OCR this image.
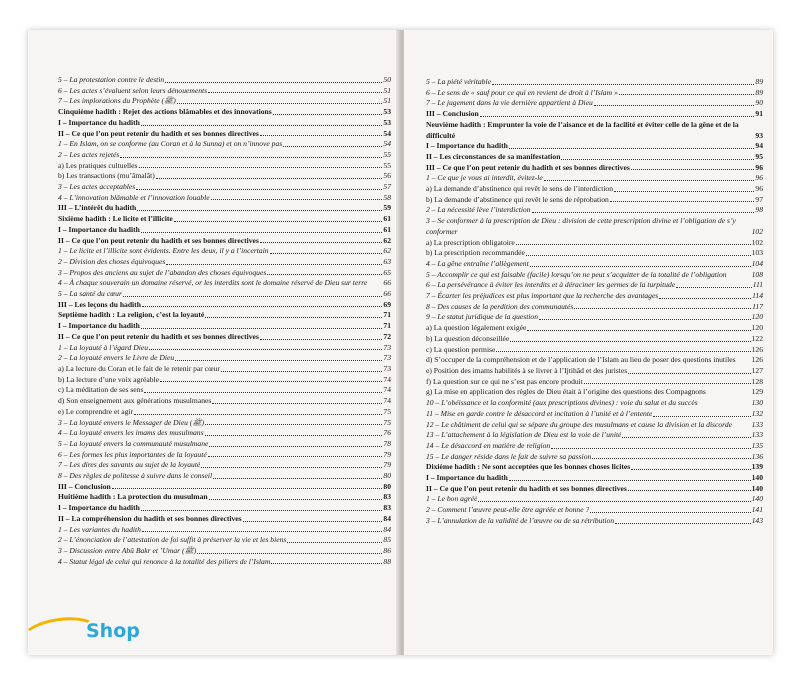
5 – La protestation contre le destin	50
6 – Les actes s’évaluent selon leurs dénouements	51
7 – Les implorations du Prophète (ﷺ)	51
Cinquième hadith : Rejet des actions blâmables et des innovations	53
I – Importance du hadith	53
II – Ce que l’on peut retenir du hadith et ses bonnes directives	54
1 – En Islam, on se conforme (au Coran et à la Sunna) et on n’innove pas	54
2 – Les actes rejetés	55
a) Les pratiques cultuelles	55
b) Les transactions (mu’âmalât)	56
3 – Les actes acceptables	57
4 – L’innovation blâmable et l’innovation louable	58
III – L’intérêt du hadith	59
Sixième hadith : Le licite et l’illicite	61
I – Importance du hadith	61
II – Ce que l’on peut retenir du hadith et ses bonnes directives	62
1 – Le licite et l’illicite sont évidents. Entre les deux, il y a l’incertain	62
2 – Division des choses équivoques	63
3 – Propos des anciens au sujet de l’abandon des choses équivoques	65
4 – À chaque souverain un domaine réservé, or les interdits sont le domaine réservé de Dieu sur terre 66
5 – La santé du cœur	66
III – Les leçons du hadith	69
Septième hadith : La religion, c’est la loyauté	71
I – Importance du hadith	71
II – Ce que l’on peut retenir du hadith et ses bonnes directives	72
1 – La loyauté à l’égard Dieu	73
2 – La loyauté envers le Livre de Dieu	73
a) La lecture du Coran et le fait de le retenir par cœur	73
b) La lecture d’une voix agréable	74
c) La méditation de ses sens	74
d) Son enseignement aux générations musulmanes	74
e) Le comprendre et agir	75
3 – La loyauté envers le Messager de Dieu (ﷺ)	75
4 – La loyauté envers les imams des musulmans	76
5 – La loyauté envers la communauté musulmane	78
6 – Les formes les plus importantes de la loyauté	79
7 – Les dires des savants au sujet de la loyauté	79
8 – Des règles de politesse à suivre dans le conseil	80
III – Conclusion	80
Huitième hadith : La protection du musulman	83
I – Importance du hadith	83
II – La compréhension du hadith et ses bonnes directives	84
1 – Les variantes du hadith	84
2 – L’énonciation de l’attestation de foi suffit à préserver la vie et les biens	85
3 – Discussion entre Abû Bakr et ’Umar (ﷺ)	86
4 – Statut légal de celui qui renonce à la totalité des piliers de l’Islam	88
5 – La piété véritable	89
6 – Le sens de « sauf pour ce qui en revient de droit à l’Islam »	89
7 – Le jugement dans la vie dernière appartient à Dieu	90
III – Conclusion	91
Neuvième hadith : Emprunter la voie de l’aisance et de la facilité et éviter celle de la gêne et de la difficulté	93
I – Importance du hadith	94
II – Les circonstances de sa manifestation	95
III – Ce que l’on peut retenir du hadith et ses bonnes directives	96
1 – Ce que je vous ai interdit, évitez-le	96
a) La demande d’abstinence qui revêt le sens de l’interdiction	96
b) La demande d’abstinence qui revêt le sens de réprobation	97
2 – La nécessité lève l’interdiction	98
3 – Se conformer à la prescription de Dieu : division de cette prescription divine et l’obligation de s’y conformer	102
a) La prescription obligatoire	102
b) La prescription recommandée	103
4 – La gêne entraîne l’allègement	104
5 – Accomplir ce qui est faisable (facile) lorsqu’on ne peut s’acquitter de la totalité de l’obligation	108
6 – La persévérance à éviter les interdits et à déraciner les germes de la turpitude	111
7 – Écarter les préjudices est plus important que la recherche des avantages	114
8 – Des causes de la perdition des communautés	117
9 – Le statut juridique de la question	120
a) La question légalement exigée	120
b) La question déconseillée	122
c) La question permise	126
d) S’occuper de la compréhension et de l’application de l’Islam au lieu de poser des questions inutiles 126
e) Position des imams habilités à se livrer à l’Ijtihâd et des juristes	127
f) La question sur ce qui ne s’est pas encore produit	128
g) La mise en application des règles de Dieu était à l’origine des questions des Compagnons	129
10 – L’obéissance et la conformité (aux prescriptions divines) : voie du salut et du succès	130
11 – Mise en garde contre le désaccord et incitation à l’unité et à l’entente	132
12 – Le châtiment de celui qui se sépare du groupe des musulmans et cause la division et la discorde	133
13 – L’attachement à la législation de Dieu est la voie de l’unité	133
14 – Le désaccord en matière de religion	135
15 – Le danger réside dans le fait de suivre sa passion	136
Dixième hadith : Ne sont acceptées que les bonnes choses licites	139
I – Importance du hadith	140
II – Ce que l’on peut retenir du hadith et ses bonnes directives	140
1 – Le bon agréé	140
2 – Comment l’œuvre peut-elle être agréée et bonne ?	141
3 – L’annulation de la validité de l’œuvre ou de sa rétribution	143
Shop
